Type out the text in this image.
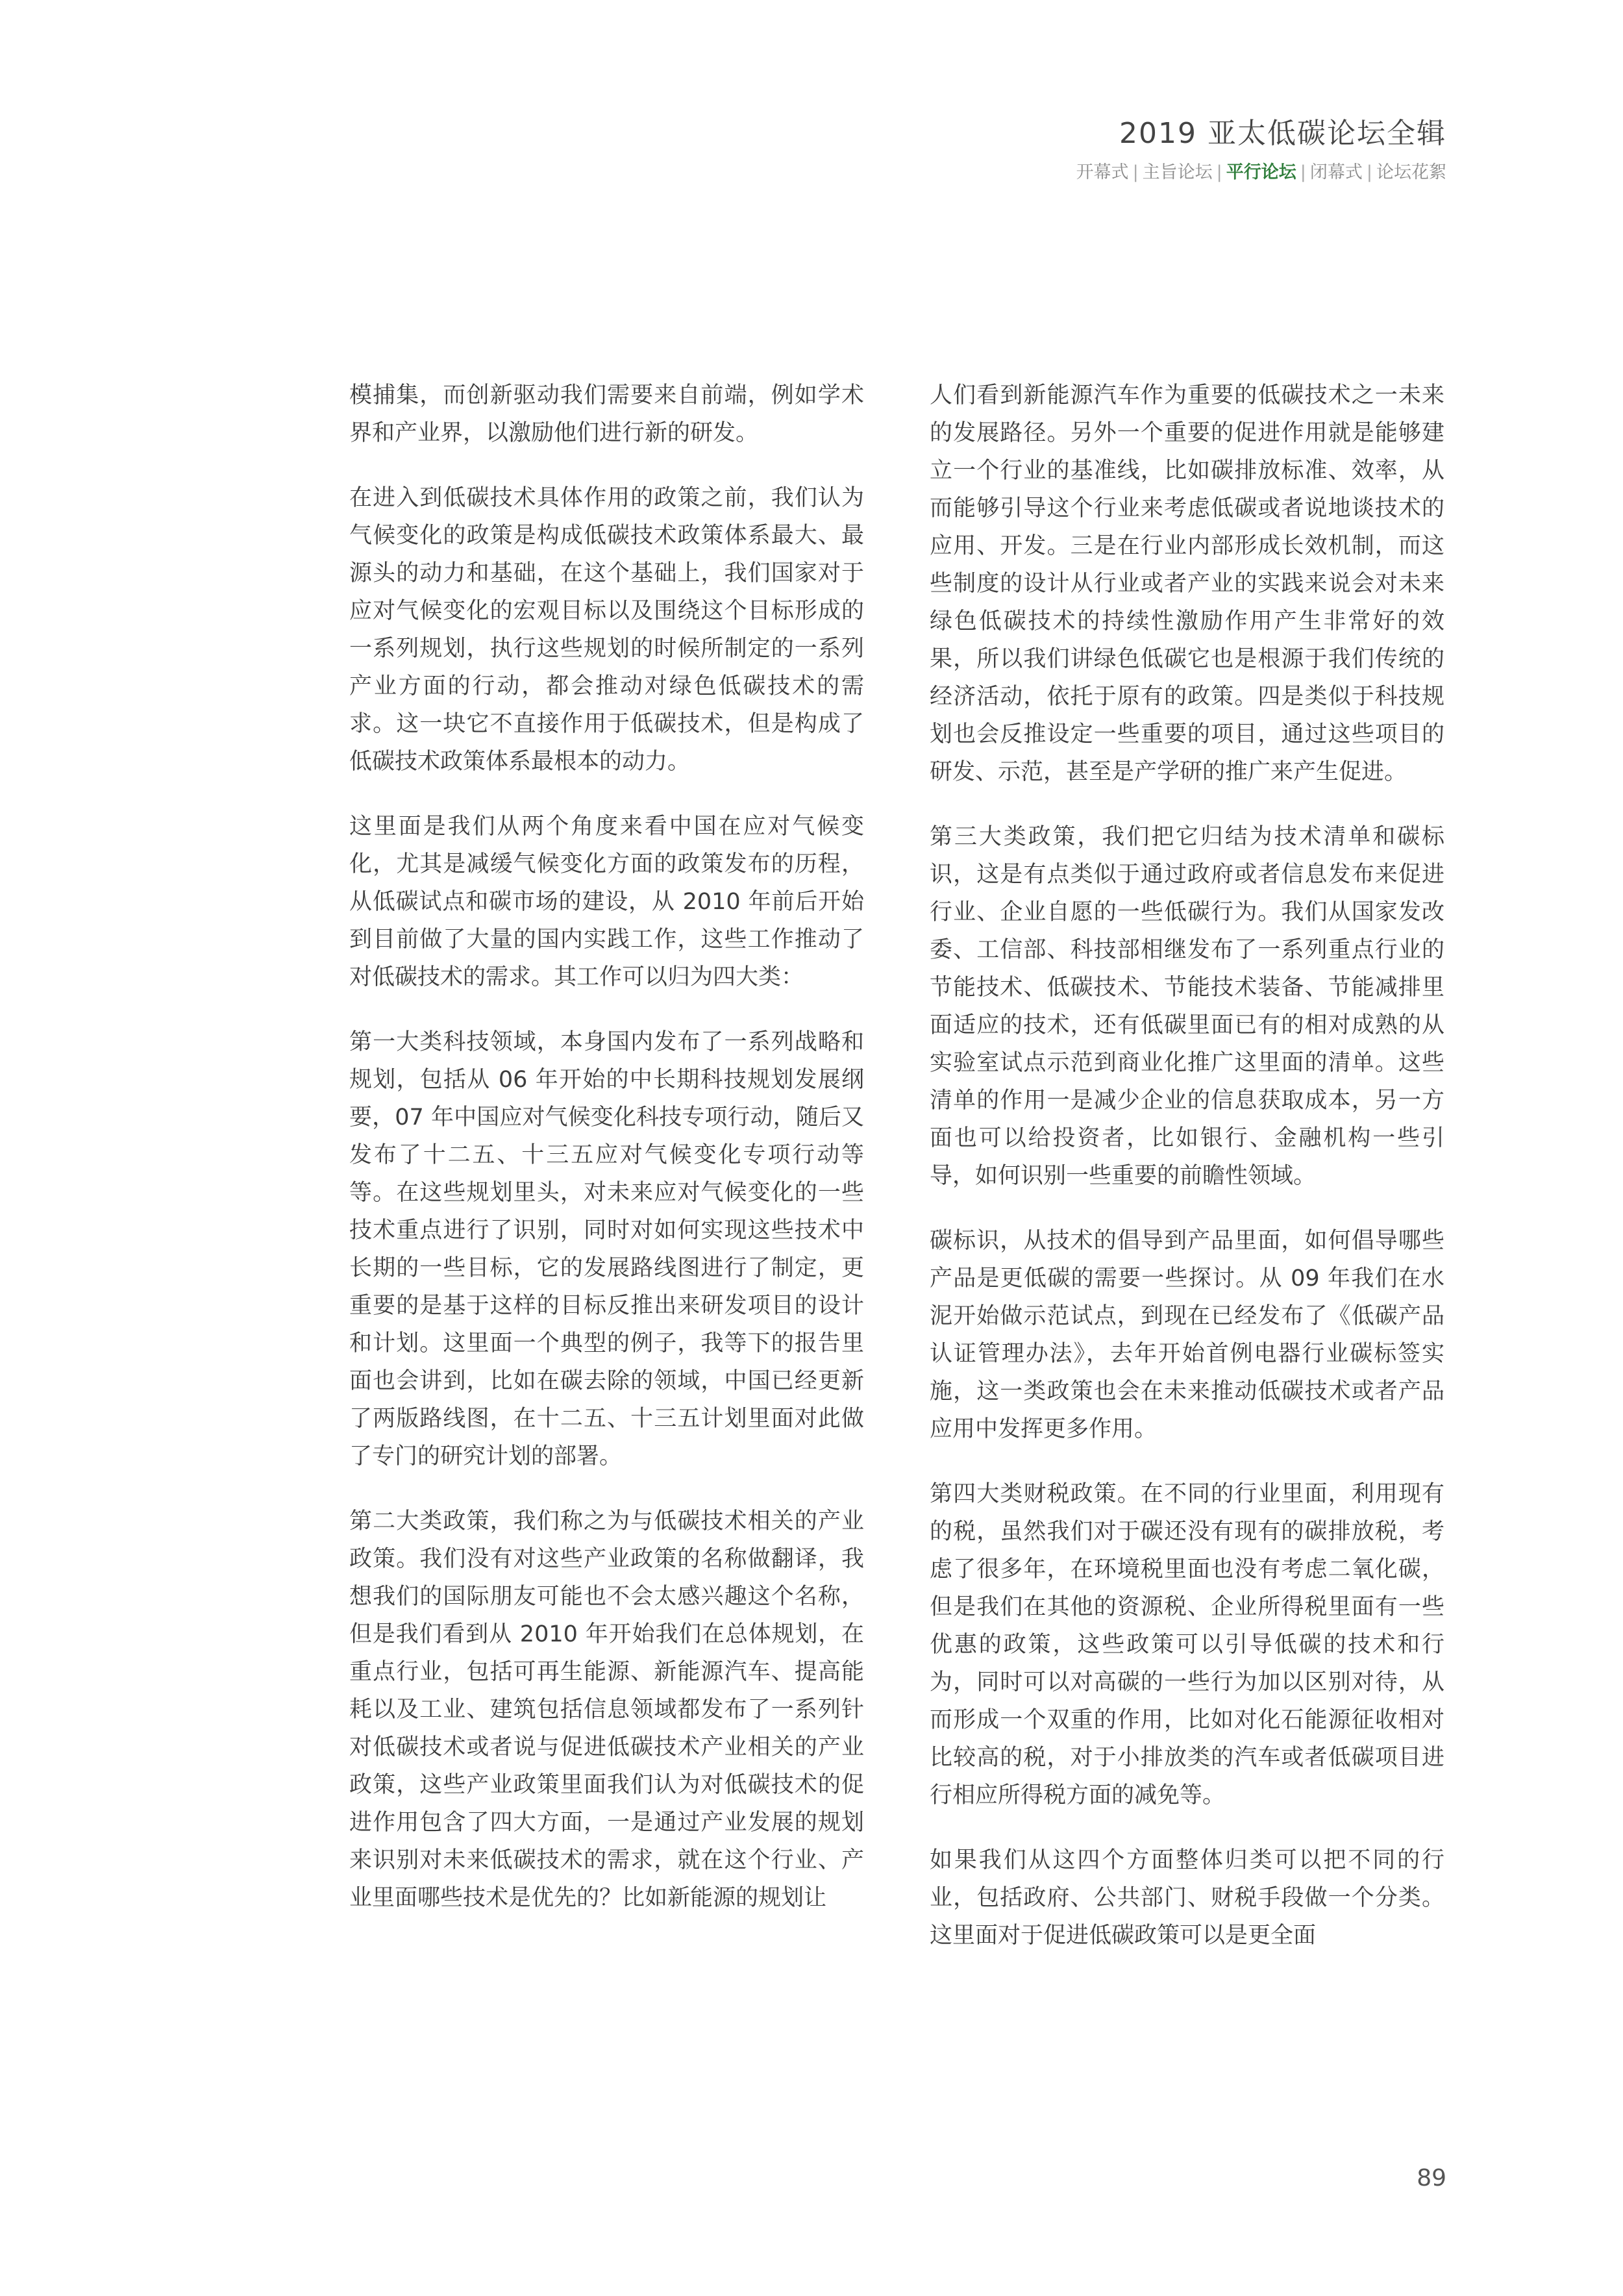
2019 亚太低碳论坛全辑
开幕式 | 主旨论坛 | 平行论坛 | 闭幕式 | 论坛花絮

模捕集，而创新驱动我们需要来自前端，例如学术界和产业界，以激励他们进行新的研发。

在进入到低碳技术具体作用的政策之前，我们认为气候变化的政策是构成低碳技术政策体系最大、最源头的动力和基础，在这个基础上，我们国家对于应对气候变化的宏观目标以及围绕这个目标形成的一系列规划，执行这些规划的时候所制定的一系列产业方面的行动，都会推动对绿色低碳技术的需求。这一块它不直接作用于低碳技术，但是构成了低碳技术政策体系最根本的动力。

这里面是我们从两个角度来看中国在应对气候变化，尤其是减缓气候变化方面的政策发布的历程，从低碳试点和碳市场的建设，从 2010 年前后开始到目前做了大量的国内实践工作，这些工作推动了对低碳技术的需求。其工作可以归为四大类：

第一大类科技领域，本身国内发布了一系列战略和规划，包括从 06 年开始的中长期科技规划发展纲要，07 年中国应对气候变化科技专项行动，随后又发布了十二五、十三五应对气候变化专项行动等等。在这些规划里头，对未来应对气候变化的一些技术重点进行了识别，同时对如何实现这些技术中长期的一些目标，它的发展路线图进行了制定，更重要的是基于这样的目标反推出来研发项目的设计和计划。这里面一个典型的例子，我等下的报告里面也会讲到，比如在碳去除的领域，中国已经更新了两版路线图，在十二五、十三五计划里面对此做了专门的研究计划的部署。

第二大类政策，我们称之为与低碳技术相关的产业政策。我们没有对这些产业政策的名称做翻译，我想我们的国际朋友可能也不会太感兴趣这个名称，但是我们看到从 2010 年开始我们在总体规划，在重点行业，包括可再生能源、新能源汽车、提高能耗以及工业、建筑包括信息领域都发布了一系列针对低碳技术或者说与促进低碳技术产业相关的产业政策，这些产业政策里面我们认为对低碳技术的促进作用包含了四大方面，一是通过产业发展的规划来识别对未来低碳技术的需求，就在这个行业、产业里面哪些技术是优先的？比如新能源的规划让

人们看到新能源汽车作为重要的低碳技术之一未来的发展路径。另外一个重要的促进作用就是能够建立一个行业的基准线，比如碳排放标准、效率，从而能够引导这个行业来考虑低碳或者说地谈技术的应用、开发。三是在行业内部形成长效机制，而这些制度的设计从行业或者产业的实践来说会对未来绿色低碳技术的持续性激励作用产生非常好的效果，所以我们讲绿色低碳它也是根源于我们传统的经济活动，依托于原有的政策。四是类似于科技规划也会反推设定一些重要的项目，通过这些项目的研发、示范，甚至是产学研的推广来产生促进。

第三大类政策，我们把它归结为技术清单和碳标识，这是有点类似于通过政府或者信息发布来促进行业、企业自愿的一些低碳行为。我们从国家发改委、工信部、科技部相继发布了一系列重点行业的节能技术、低碳技术、节能技术装备、节能减排里面适应的技术，还有低碳里面已有的相对成熟的从实验室试点示范到商业化推广这里面的清单。这些清单的作用一是减少企业的信息获取成本，另一方面也可以给投资者，比如银行、金融机构一些引导，如何识别一些重要的前瞻性领域。

碳标识，从技术的倡导到产品里面，如何倡导哪些产品是更低碳的需要一些探讨。从 09 年我们在水泥开始做示范试点，到现在已经发布了《低碳产品认证管理办法》，去年开始首例电器行业碳标签实施，这一类政策也会在未来推动低碳技术或者产品应用中发挥更多作用。

第四大类财税政策。在不同的行业里面，利用现有的税，虽然我们对于碳还没有现有的碳排放税，考虑了很多年，在环境税里面也没有考虑二氧化碳，但是我们在其他的资源税、企业所得税里面有一些优惠的政策，这些政策可以引导低碳的技术和行为，同时可以对高碳的一些行为加以区别对待，从而形成一个双重的作用，比如对化石能源征收相对比较高的税，对于小排放类的汽车或者低碳项目进行相应所得税方面的减免等。

如果我们从这四个方面整体归类可以把不同的行业，包括政府、公共部门、财税手段做一个分类。这里面对于促进低碳政策可以是更全面

89
